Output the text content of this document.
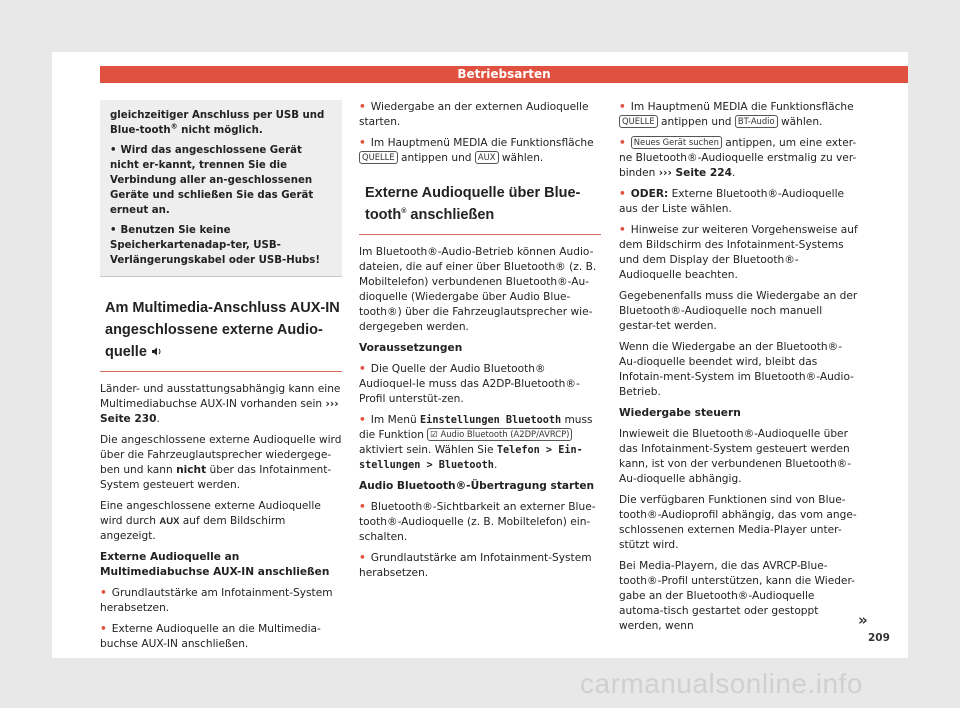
Betriebsarten

gleichzeitiger Anschluss per USB und Blue-tooth® nicht möglich.

• Wird das angeschlossene Gerät nicht er-kannt, trennen Sie die Verbindung aller an-geschlossenen Geräte und schließen Sie das Gerät erneut an.

• Benutzen Sie keine Speicherkartenadap-ter, USB-Verlängerungskabel oder USB-Hubs!

Am Multimedia-Anschluss AUX-IN angeschlossene externe Audio-quelle

Länder- und ausstattungsabhängig kann eine Multimediabuchse AUX-IN vorhanden sein ››› Seite 230.

Die angeschlossene externe Audioquelle wird über die Fahrzeuglautsprecher wiedergege-ben und kann nicht über das Infotainment-System gesteuert werden.

Eine angeschlossene externe Audioquelle wird durch AUX auf dem Bildschirm angezeigt.

Externe Audioquelle an Multimediabuchse AUX-IN anschließen

• Grundlautstärke am Infotainment-System herabsetzen.

• Externe Audioquelle an die Multimedia-buchse AUX-IN anschließen.

• Wiedergabe an der externen Audioquelle starten.

• Im Hauptmenü MEDIA die Funktionsfläche QUELLE antippen und AUX wählen.

Externe Audioquelle über Blue-tooth® anschließen

Im Bluetooth®-Audio-Betrieb können Audio-dateien, die auf einer über Bluetooth® (z. B. Mobiltelefon) verbundenen Bluetooth®-Au-dioquelle (Wiedergabe über Audio Blue-tooth®) über die Fahrzeuglautsprecher wie-dergegeben werden.

Voraussetzungen

• Die Quelle der Audio Bluetooth® Audioquel-le muss das A2DP-Bluetooth®-Profil unterstüt-zen.

• Im Menü Einstellungen Bluetooth muss die Funktion ☑ Audio Bluetooth (A2DP/AVRCP) aktiviert sein. Wählen Sie Telefon > Ein-stellungen > Bluetooth.

Audio Bluetooth®-Übertragung starten

• Bluetooth®-Sichtbarkeit an externer Blue-tooth®-Audioquelle (z. B. Mobiltelefon) ein-schalten.

• Grundlautstärke am Infotainment-System herabsetzen.

• Im Hauptmenü MEDIA die Funktionsfläche QUELLE antippen und BT-Audio wählen.

• Neues Gerät suchen antippen, um eine exter-ne Bluetooth®-Audioquelle erstmalig zu ver-binden ››› Seite 224.

• ODER: Externe Bluetooth®-Audioquelle aus der Liste wählen.

• Hinweise zur weiteren Vorgehensweise auf dem Bildschirm des Infotainment-Systems und dem Display der Bluetooth®-Audioquelle beachten.

Gegebenenfalls muss die Wiedergabe an der Bluetooth®-Audioquelle noch manuell gestar-tet werden.

Wenn die Wiedergabe an der Bluetooth®-Au-dioquelle beendet wird, bleibt das Infotain-ment-System im Bluetooth®-Audio-Betrieb.

Wiedergabe steuern

Inwieweit die Bluetooth®-Audioquelle über das Infotainment-System gesteuert werden kann, ist von der verbundenen Bluetooth®-Au-dioquelle abhängig.

Die verfügbaren Funktionen sind von Blue-tooth®-Audioprofil abhängig, das vom ange-schlossenen externen Media-Player unter-stützt wird.

Bei Media-Playern, die das AVRCP-Blue-tooth®-Profil unterstützen, kann die Wieder-gabe an der Bluetooth®-Audioquelle automa-tisch gestartet oder gestoppt werden, wenn	»
209
carmanualsonline.info
